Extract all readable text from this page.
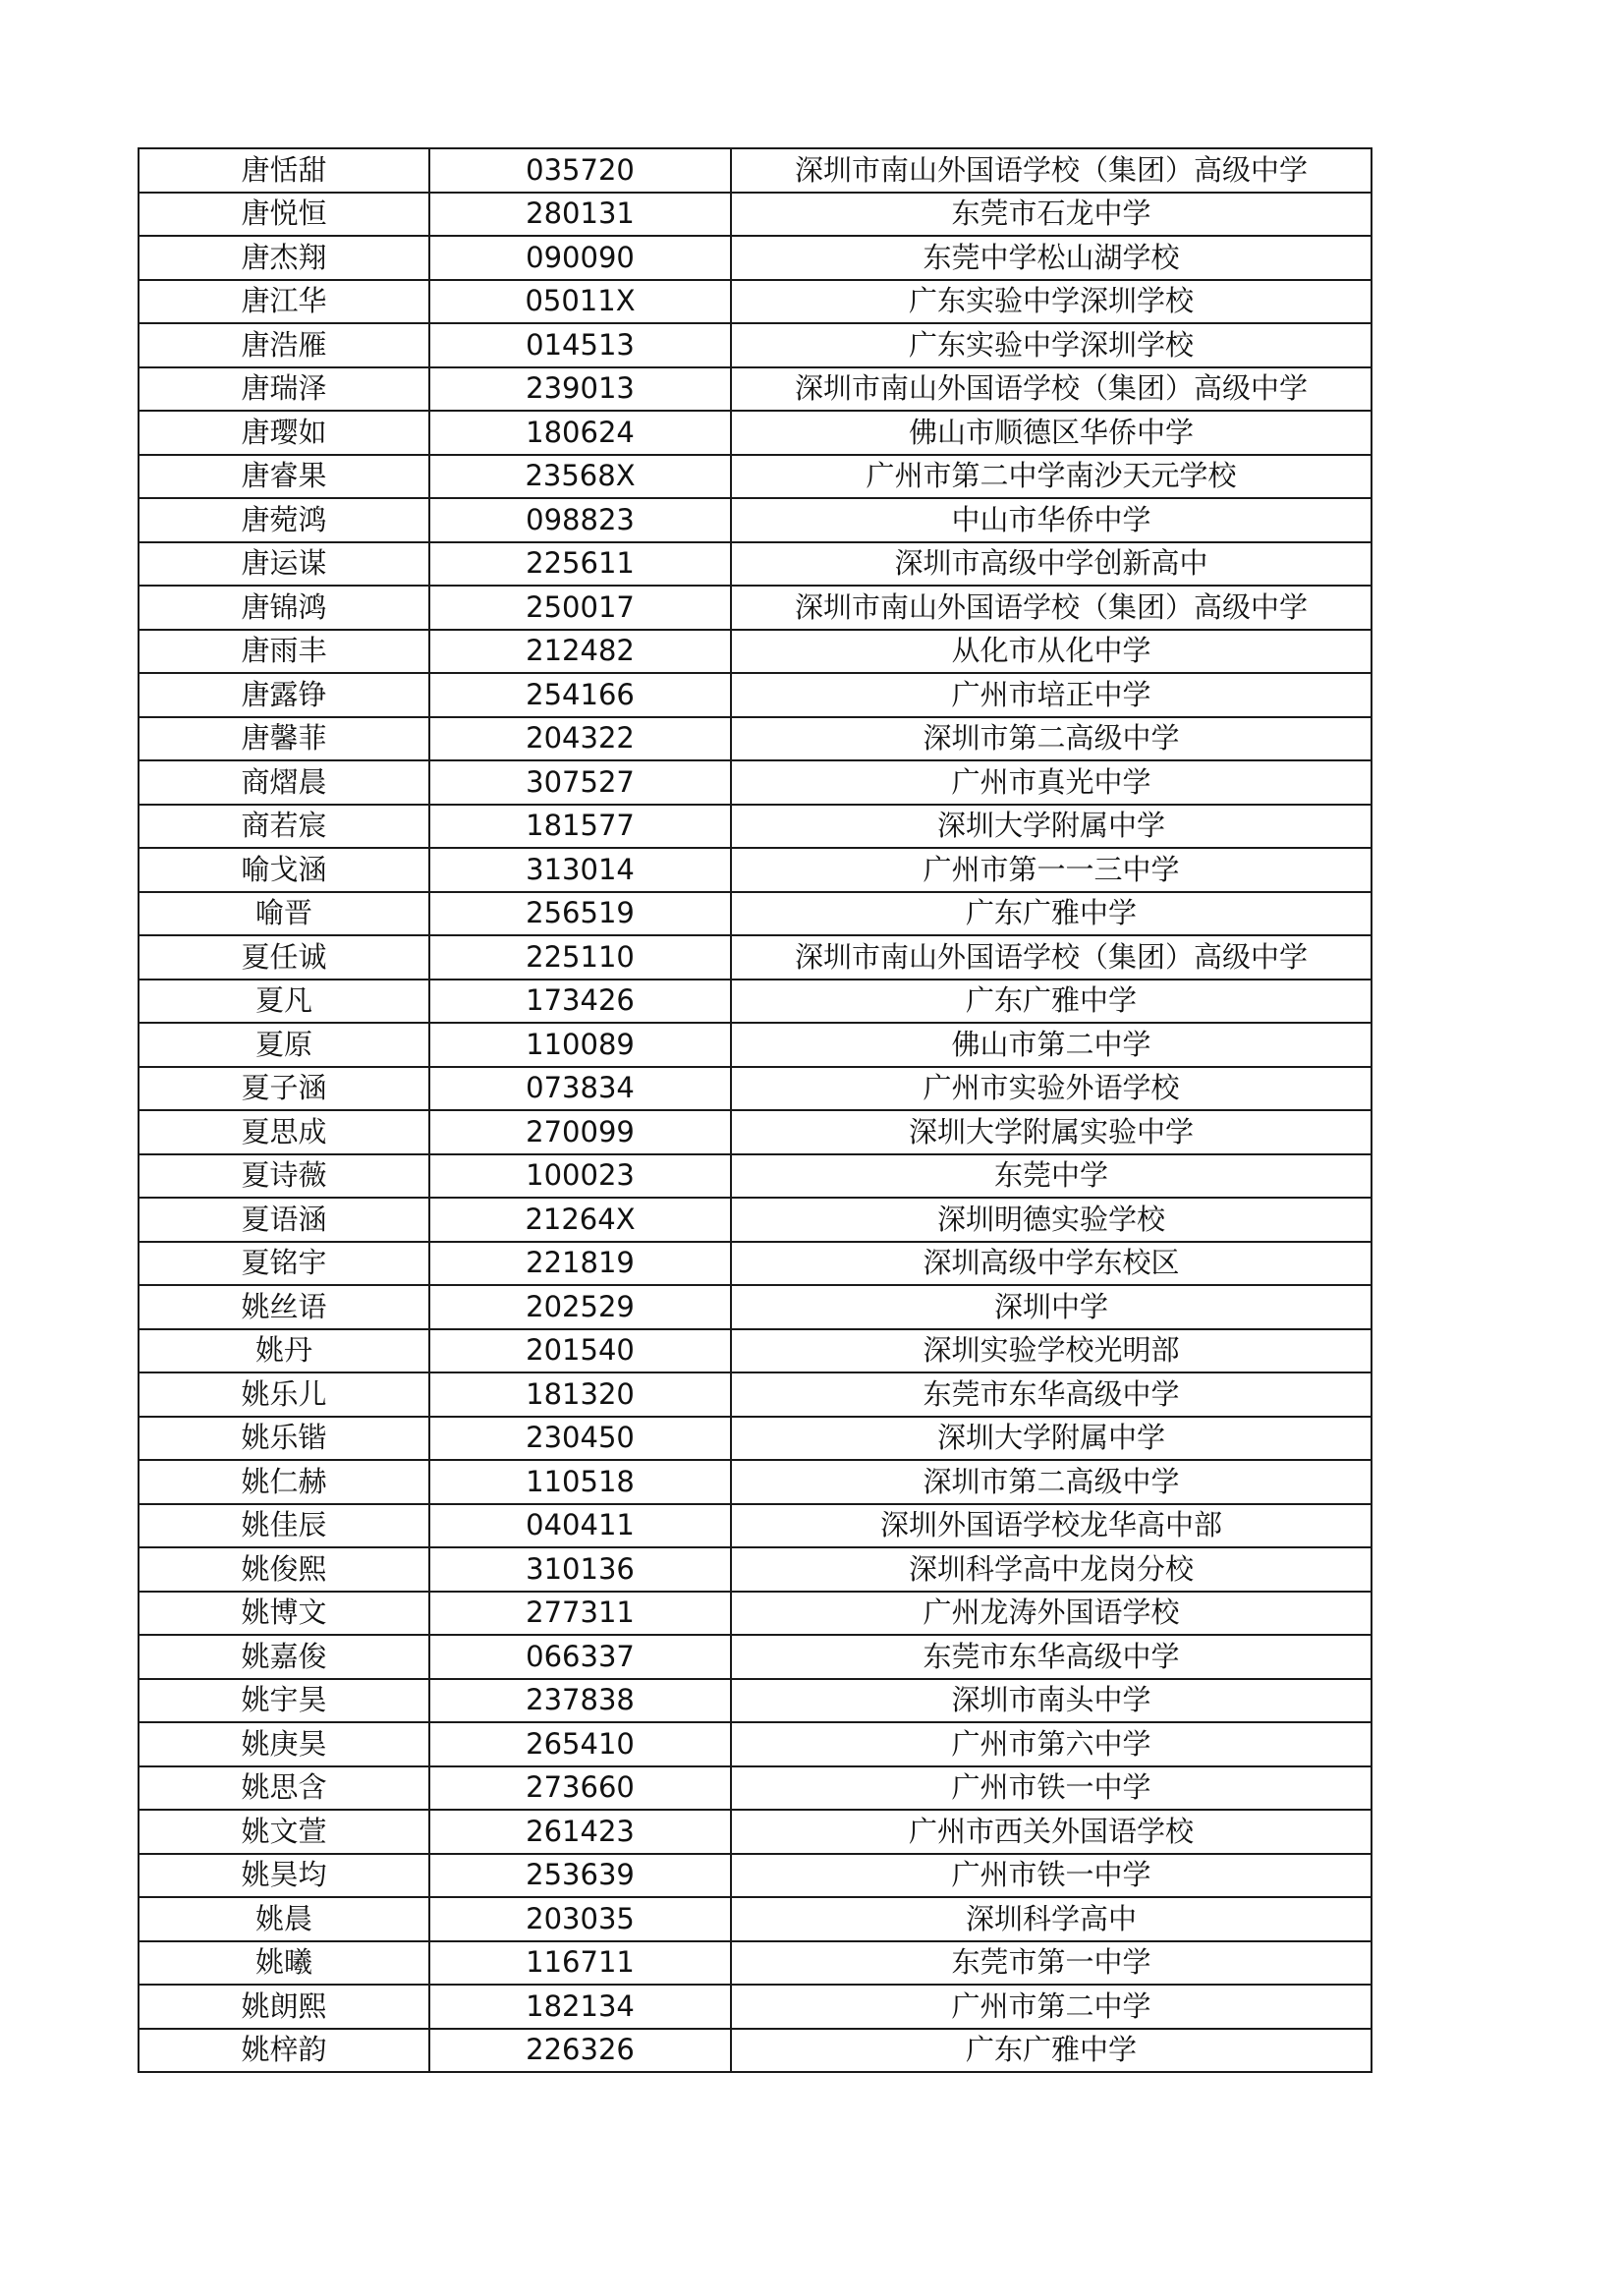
唐恬甜	035720	深圳市南山外国语学校（集团）高级中学
唐悦恒	280131	东莞市石龙中学
唐杰翔	090090	东莞中学松山湖学校
唐江华	05011X	广东实验中学深圳学校
唐浩雁	014513	广东实验中学深圳学校
唐瑞泽	239013	深圳市南山外国语学校（集团）高级中学
唐璎如	180624	佛山市顺德区华侨中学
唐睿果	23568X	广州市第二中学南沙天元学校
唐菀鸿	098823	中山市华侨中学
唐运谋	225611	深圳市高级中学创新高中
唐锦鸿	250017	深圳市南山外国语学校（集团）高级中学
唐雨丰	212482	从化市从化中学
唐露铮	254166	广州市培正中学
唐馨菲	204322	深圳市第二高级中学
商熠晨	307527	广州市真光中学
商若宸	181577	深圳大学附属中学
喻戈涵	313014	广州市第一一三中学
喻晋	256519	广东广雅中学
夏任诚	225110	深圳市南山外国语学校（集团）高级中学
夏凡	173426	广东广雅中学
夏原	110089	佛山市第二中学
夏子涵	073834	广州市实验外语学校
夏思成	270099	深圳大学附属实验中学
夏诗薇	100023	东莞中学
夏语涵	21264X	深圳明德实验学校
夏铭宇	221819	深圳高级中学东校区
姚丝语	202529	深圳中学
姚丹	201540	深圳实验学校光明部
姚乐儿	181320	东莞市东华高级中学
姚乐锴	230450	深圳大学附属中学
姚仁赫	110518	深圳市第二高级中学
姚佳辰	040411	深圳外国语学校龙华高中部
姚俊熙	310136	深圳科学高中龙岗分校
姚博文	277311	广州龙涛外国语学校
姚嘉俊	066337	东莞市东华高级中学
姚宇昊	237838	深圳市南头中学
姚庚昊	265410	广州市第六中学
姚思含	273660	广州市铁一中学
姚文萱	261423	广州市西关外国语学校
姚昊均	253639	广州市铁一中学
姚晨	203035	深圳科学高中
姚曦	116711	东莞市第一中学
姚朗熙	182134	广州市第二中学
姚梓韵	226326	广东广雅中学
